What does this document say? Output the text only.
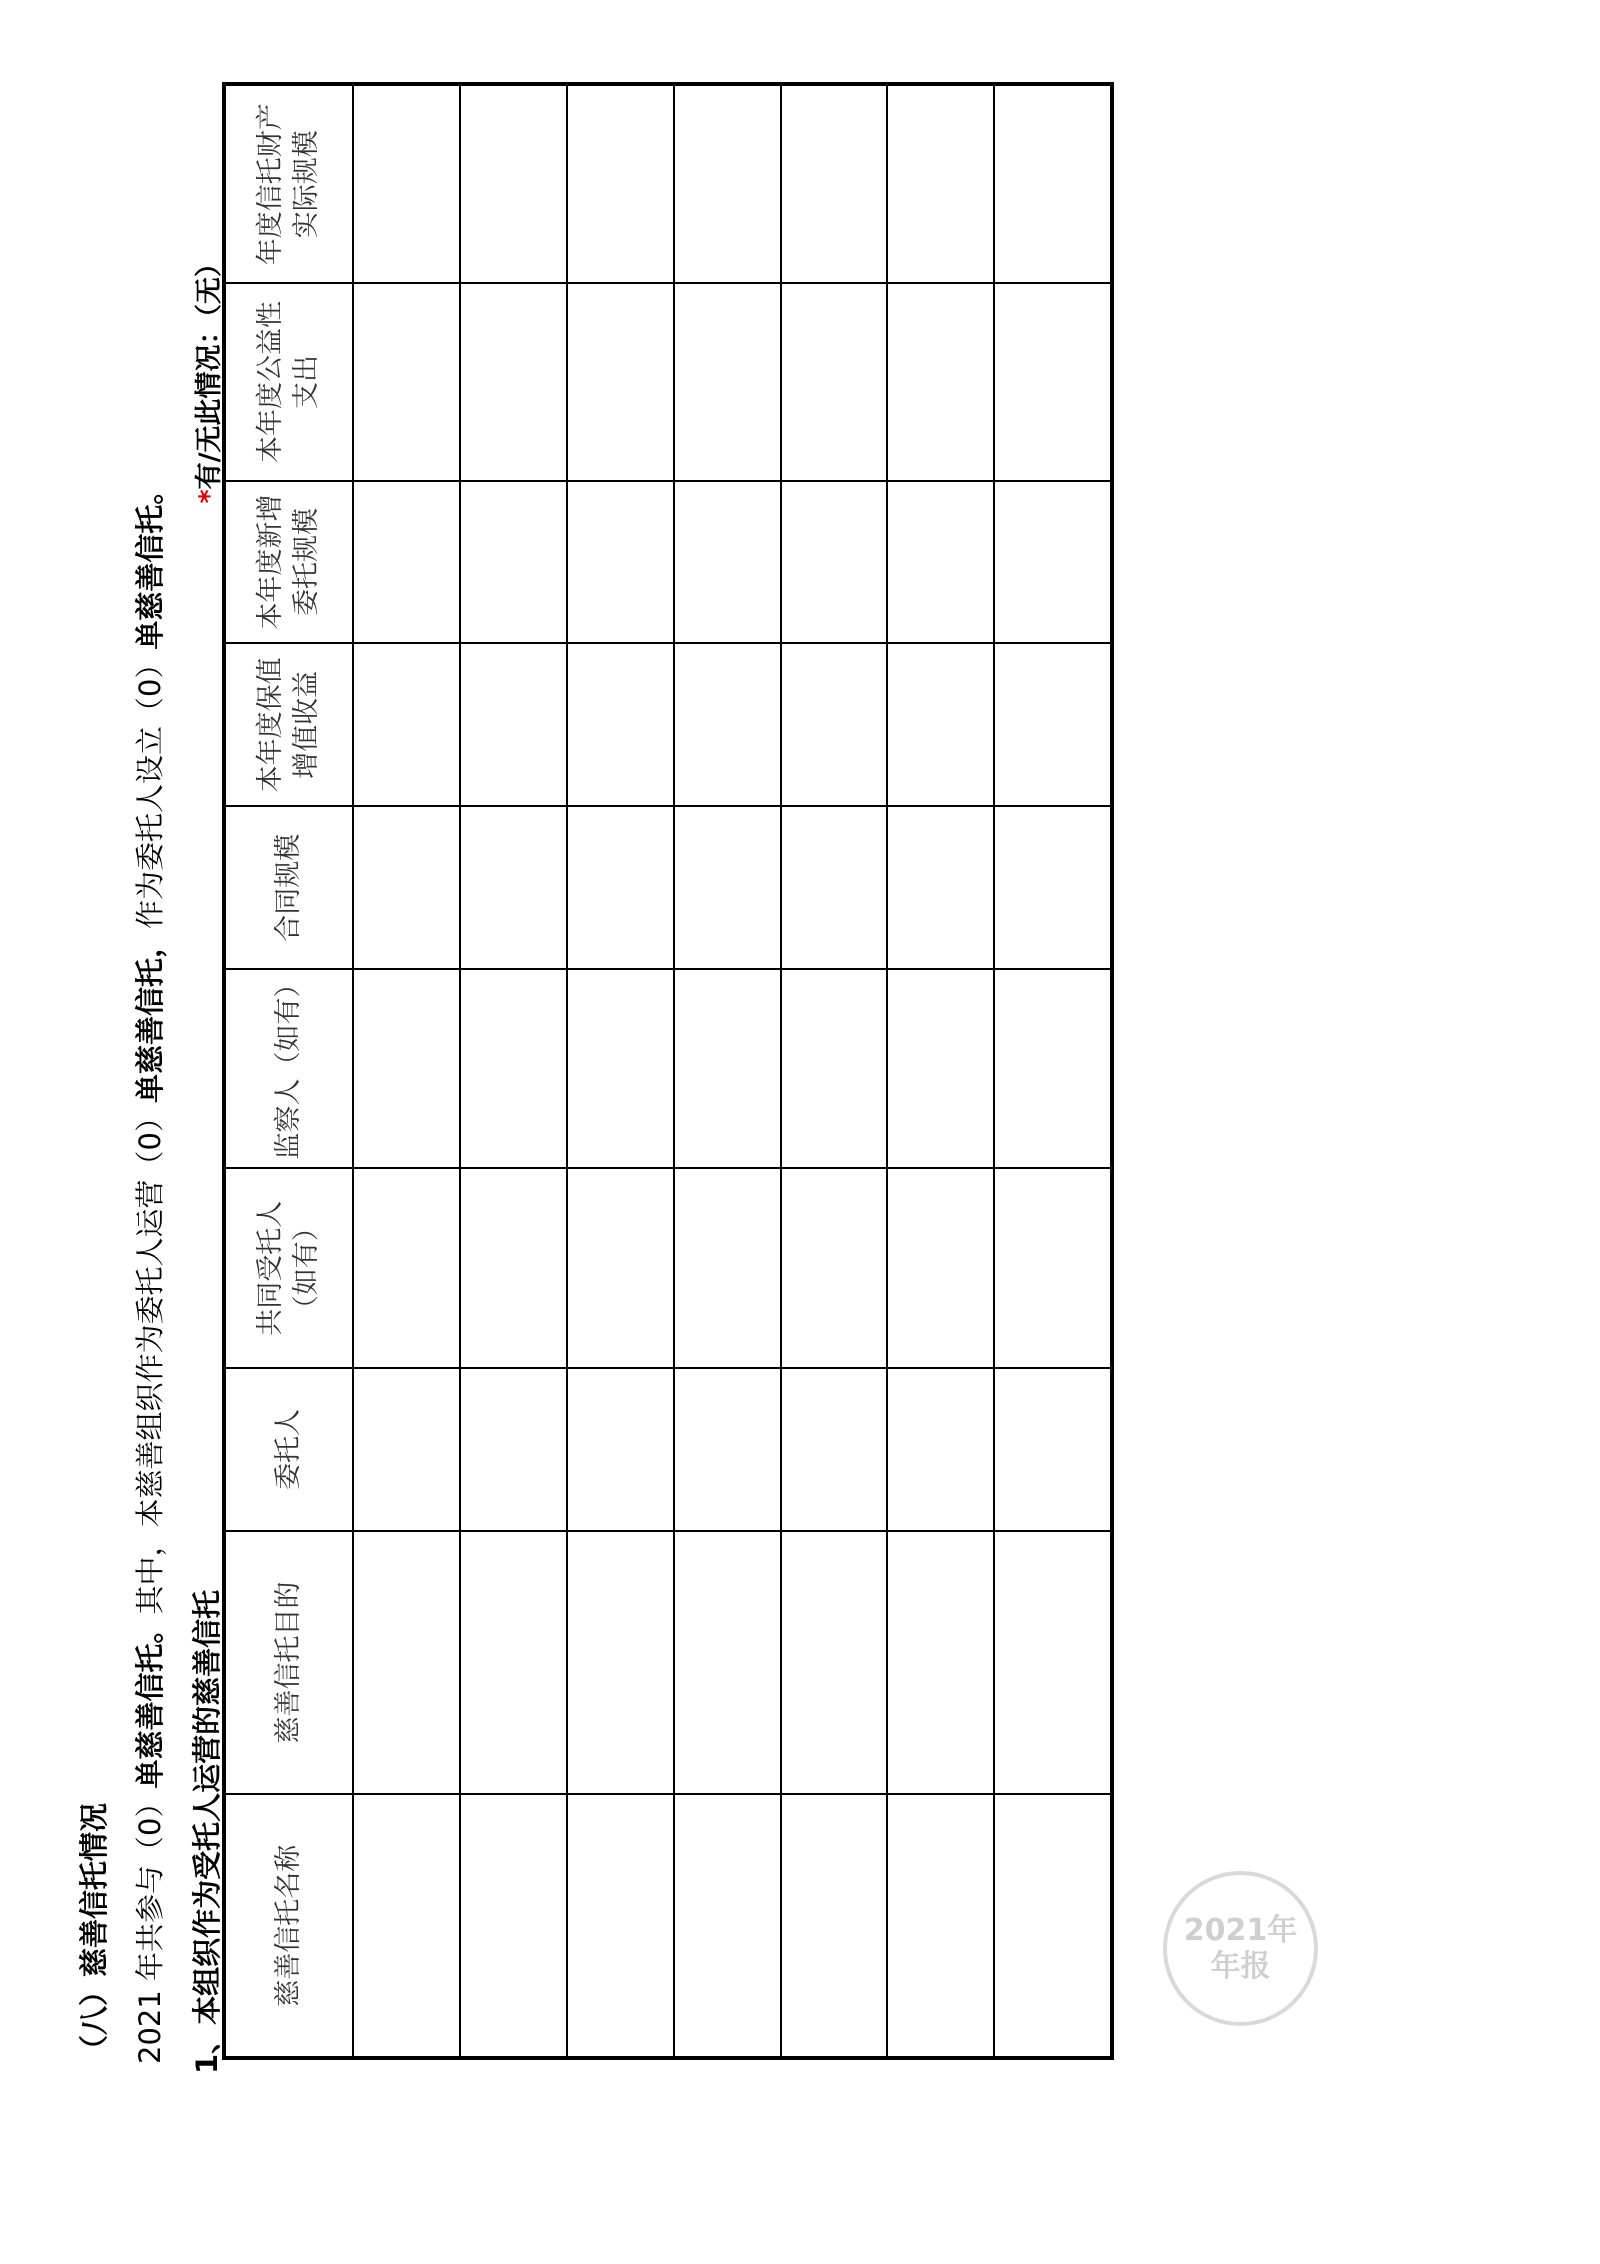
（八）慈善信托情况 2021 年共参与（0）单慈善信托。其中，本慈善组织作为委托人运营（0）单慈善信托，作为委托人设立（0）单慈善信托。
1、本组织作为受托人运营的慈善信托
*有/无此情况：（无）
慈善信托名称	慈善信托目的	委托人	共同受托人（如有）	监察人（如有）	合同规模	本年度保值增值收益	本年度新增委托规模	本年度公益性支出	年度信托财产实际规模

2021年
年报
